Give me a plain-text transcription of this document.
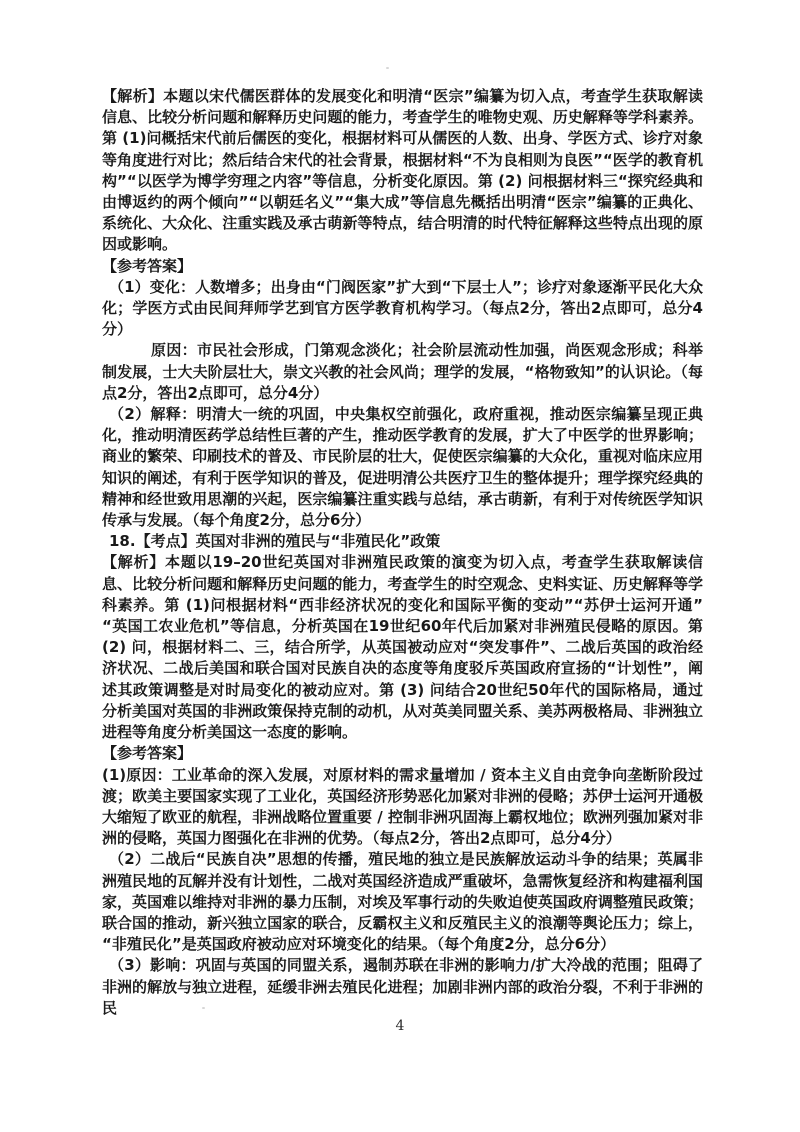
【解析】本题以宋代儒医群体的发展变化和明清“医宗”编纂为切入点，考查学生获取解读信息、比较分析问题和解释历史问题的能力，考查学生的唯物史观、历史解释等学科素养。第 (1)问概括宋代前后儒医的变化，根据材料可从儒医的人数、出身、学医方式、诊疗对象等角度进行对比；然后结合宋代的社会背景，根据材料“不为良相则为良医”“医学的教育机构”“以医学为博学穷理之内容”等信息，分析变化原因。第 (2) 问根据材料三“探究经典和由博返约的两个倾向”“以朝廷名义”“集大成”等信息先概括出明清“医宗”编纂的正典化、系统化、大众化、注重实践及承古萌新等特点，结合明清的时代特征解释这些特点出现的原因或影响。

【参考答案】

（1）变化：人数增多；出身由“门阀医家”扩大到“下层士人”；诊疗对象逐渐平民化大众化；学医方式由民间拜师学艺到官方医学教育机构学习。（每点2分，答出2点即可，总分4分）

原因：市民社会形成，门第观念淡化；社会阶层流动性加强，尚医观念形成；科举制发展，士大夫阶层壮大，崇文兴教的社会风尚；理学的发展，“格物致知”的认识论。（每点2分，答出2点即可，总分4分）

（2）解释：明清大一统的巩固，中央集权空前强化，政府重视，推动医宗编纂呈现正典化，推动明清医药学总结性巨著的产生，推动医学教育的发展，扩大了中医学的世界影响；商业的繁荣、印刷技术的普及、市民阶层的壮大，促使医宗编纂的大众化，重视对临床应用知识的阐述，有利于医学知识的普及，促进明清公共医疗卫生的整体提升；理学探究经典的精神和经世致用思潮的兴起，医宗编纂注重实践与总结，承古萌新，有利于对传统医学知识传承与发展。（每个角度2分，总分6分）

18.【考点】英国对非洲的殖民与“非殖民化”政策

【解析】本题以19–20世纪英国对非洲殖民政策的演变为切入点，考查学生获取解读信息、比较分析问题和解释历史问题的能力，考查学生的时空观念、史料实证、历史解释等学科素养。第 (1)问根据材料“西非经济状况的变化和国际平衡的变动”“苏伊士运河开通”“英国工农业危机”等信息，分析英国在19世纪60年代后加紧对非洲殖民侵略的原因。第 (2) 问，根据材料二、三，结合所学，从英国被动应对“突发事件”、二战后英国的政治经济状况、二战后美国和联合国对民族自决的态度等角度驳斥英国政府宣扬的“计划性”，阐述其政策调整是对时局变化的被动应对。第 (3) 问结合20世纪50年代的国际格局，通过分析美国对英国的非洲政策保持克制的动机，从对英美同盟关系、美苏两极格局、非洲独立进程等角度分析美国这一态度的影响。

【参考答案】

(1)原因：工业革命的深入发展，对原材料的需求量增加 / 资本主义自由竞争向垄断阶段过渡；欧美主要国家实现了工业化，英国经济形势恶化加紧对非洲的侵略；苏伊士运河开通极大缩短了欧亚的航程，非洲战略位置重要 / 控制非洲巩固海上霸权地位；欧洲列强加紧对非洲的侵略，英国力图强化在非洲的优势。（每点2分，答出2点即可，总分4分）

（2）二战后“民族自决”思想的传播，殖民地的独立是民族解放运动斗争的结果；英属非洲殖民地的瓦解并没有计划性，二战对英国经济造成严重破坏，急需恢复经济和构建福利国家，英国难以维持对非洲的暴力压制，对埃及军事行动的失败迫使英国政府调整殖民政策；联合国的推动，新兴独立国家的联合，反霸权主义和反殖民主义的浪潮等舆论压力；综上，“非殖民化”是英国政府被动应对环境变化的结果。（每个角度2分，总分6分）

（3）影响：巩固与英国的同盟关系，遏制苏联在非洲的影响力/扩大冷战的范围；阻碍了非洲的解放与独立进程，延缓非洲去殖民化进程；加剧非洲内部的政治分裂，不利于非洲的民

4
